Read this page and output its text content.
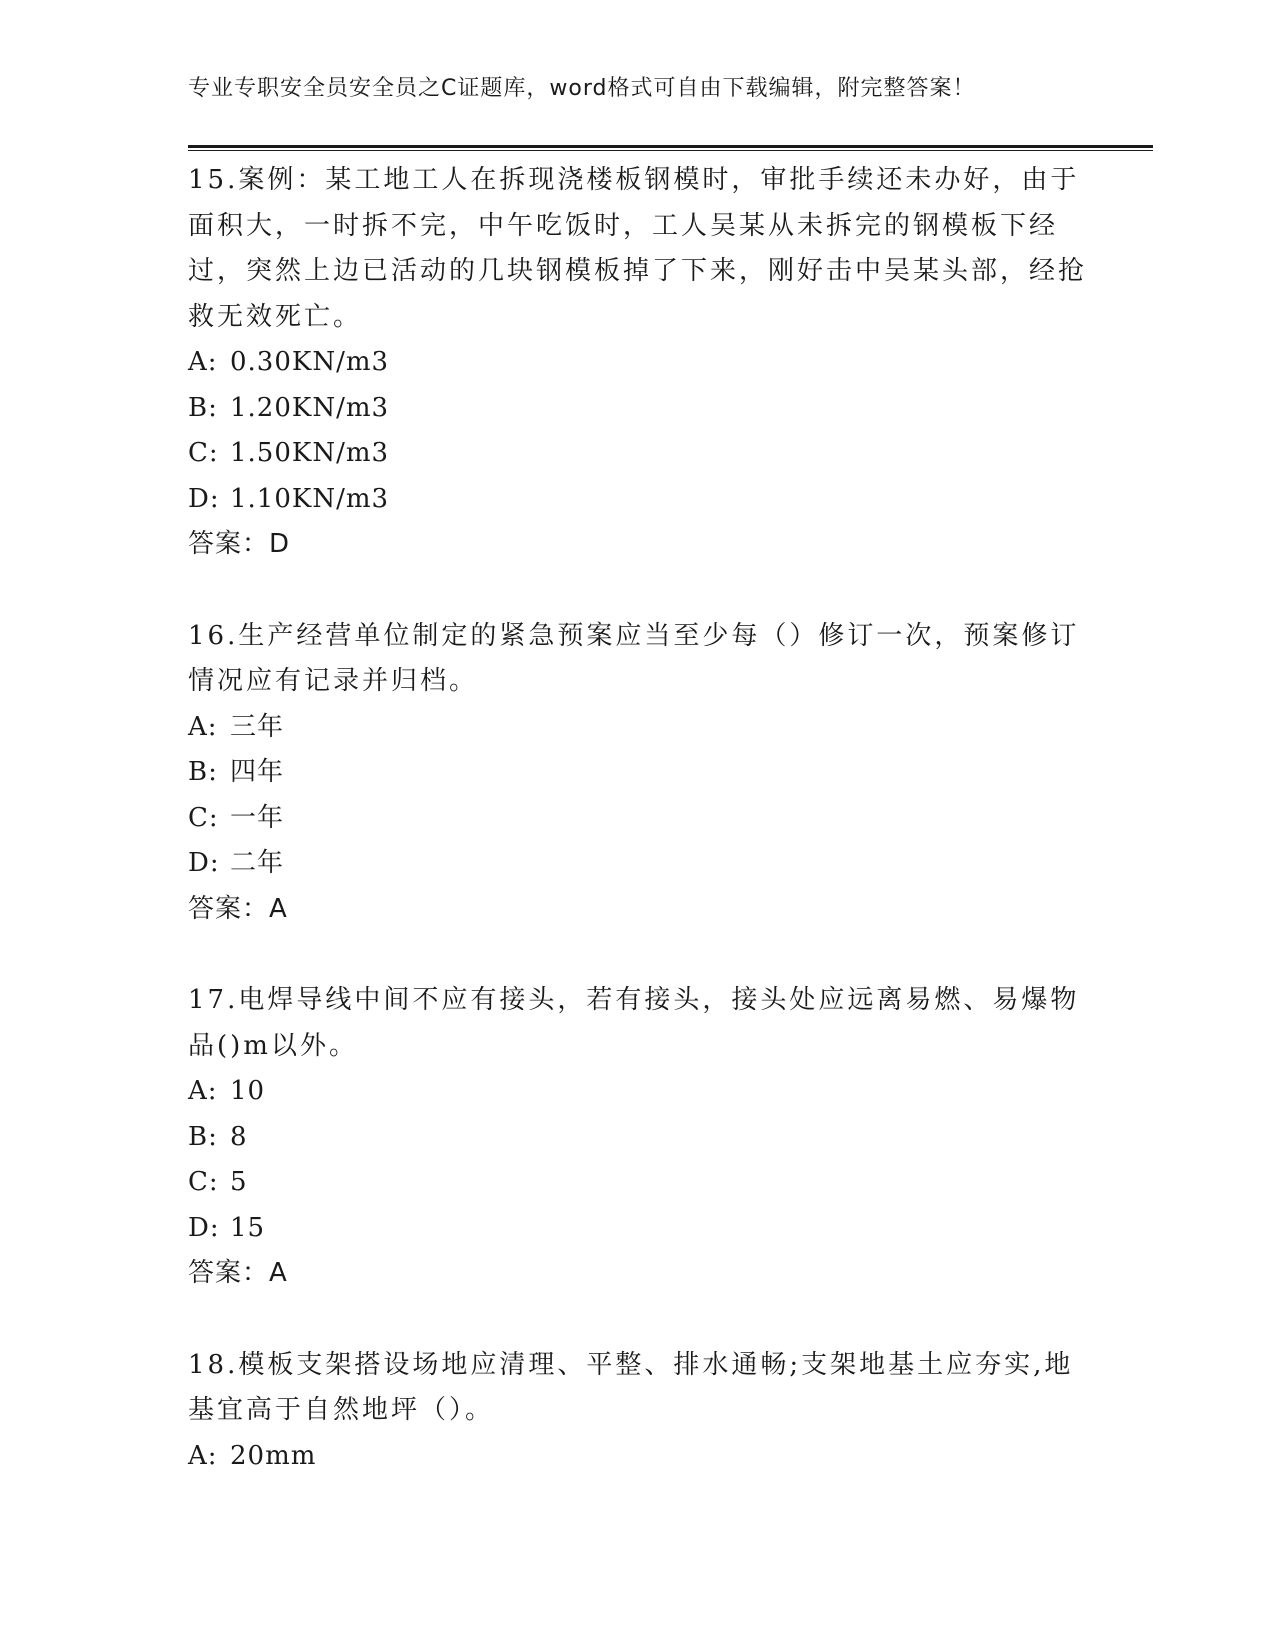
专业专职安全员安全员之C证题库，word格式可自由下载编辑，附完整答案！

15.案例：某工地工人在拆现浇楼板钢模时，审批手续还未办好，由于面积大，一时拆不完，中午吃饭时，工人吴某从未拆完的钢模板下经过，突然上边已活动的几块钢模板掉了下来，刚好击中吴某头部，经抢救无效死亡。

A: 0.30KN/m3
B: 1.20KN/m3
C: 1.50KN/m3
D: 1.10KN/m3
答案：D

16.生产经营单位制定的紧急预案应当至少每（）修订一次，预案修订情况应有记录并归档。

A: 三年
B: 四年
C: 一年
D: 二年
答案：A

17.电焊导线中间不应有接头，若有接头，接头处应远离易燃、易爆物品()m以外。

A: 10
B: 8
C: 5
D: 15
答案：A

18.模板支架搭设场地应清理、平整、排水通畅;支架地基土应夯实,地基宜高于自然地坪（）。

A: 20mm
